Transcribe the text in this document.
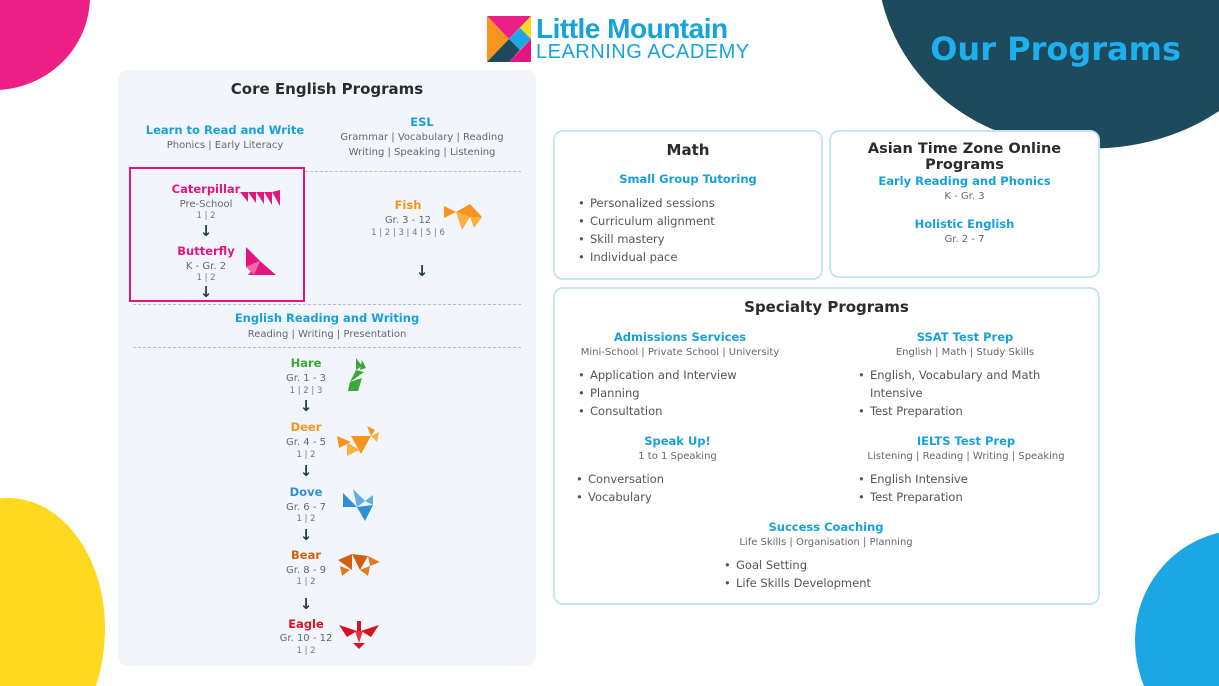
Little Mountain
LEARNING ACADEMY	Our Programs
Core English Programs
Learn to Read and Write
Phonics | Early Literacy
ESL
Grammar | Vocabulary | Reading
Writing | Speaking | Listening
Caterpillar
Pre-School
1 | 2
↓
Butterfly
K - Gr. 2
1 | 2
↓
Fish
Gr. 3 - 12
1 | 2 | 3 | 4 | 5 | 6
↓
English Reading and Writing
Reading | Writing | Presentation
Hare
Gr. 1 - 3
1 | 2 | 3
↓
Deer
Gr. 4 - 5
1 | 2
↓
Dove
Gr. 6 - 7
1 | 2
↓
Bear
Gr. 8 - 9
1 | 2
↓
Eagle
Gr. 10 - 12
1 | 2
Math
Small Group Tutoring
• Personalized sessions
• Curriculum alignment
• Skill mastery
• Individual pace
Asian Time Zone Online Programs
Early Reading and Phonics
K - Gr. 3
Holistic English
Gr. 2 - 7
Specialty Programs
Admissions Services
Mini-School | Private School | University
• Application and Interview
• Planning
• Consultation
SSAT Test Prep
English | Math | Study Skills
• English, Vocabulary and Math
Intensive
• Test Preparation
Speak Up!
1 to 1 Speaking
• Conversation
• Vocabulary
IELTS Test Prep
Listening | Reading | Writing | Speaking
• English Intensive
• Test Preparation
Success Coaching
Life Skills | Organisation | Planning
• Goal Setting
• Life Skills Development
